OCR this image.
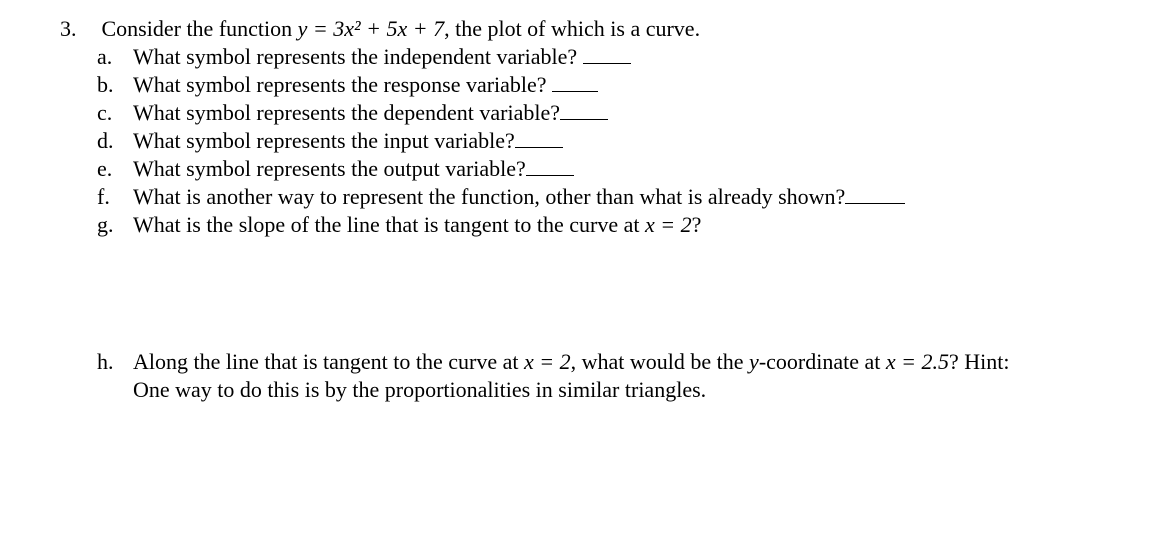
3. Consider the function y = 3x² + 5x + 7, the plot of which is a curve.
a. What symbol represents the independent variable?
b. What symbol represents the response variable?
c. What symbol represents the dependent variable?
d. What symbol represents the input variable?
e. What symbol represents the output variable?
f. What is another way to represent the function, other than what is already shown?
g. What is the slope of the line that is tangent to the curve at x = 2?
h. Along the line that is tangent to the curve at x = 2, what would be the y-coordinate at x = 2.5? Hint:
One way to do this is by the proportionalities in similar triangles.
